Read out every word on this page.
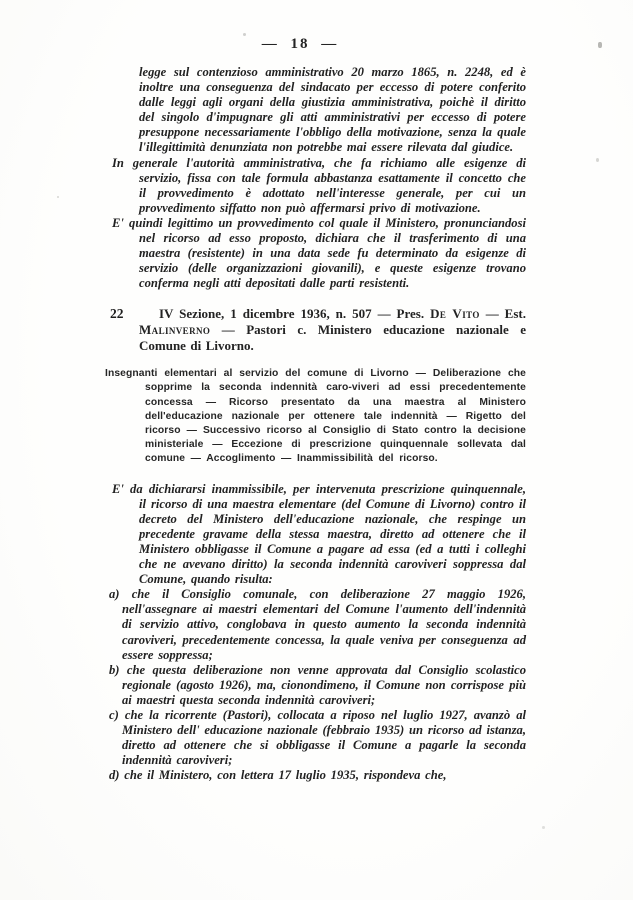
— 18 —

legge sul contenzioso amministrativo 20 marzo 1865, n. 2248, ed è inoltre una conseguenza del sindacato per eccesso di potere conferito dalle leggi agli organi della giustizia amministrativa, poichè il diritto del singolo d'impugnare gli atti amministrativi per eccesso di potere presuppone necessariamente l'obbligo della motivazione, senza la quale l'illegittimità denunziata non potrebbe mai essere rilevata dal giudice.

In generale l'autorità amministrativa, che fa richiamo alle esigenze di servizio, fissa con tale formula abbastanza esattamente il concetto che il provvedimento è adottato nell'interesse generale, per cui un provvedimento siffatto non può affermarsi privo di motivazione.

E' quindi legittimo un provvedimento col quale il Ministero, pronunciandosi nel ricorso ad esso proposto, dichiara che il trasferimento di una maestra (resistente) in una data sede fu determinato da esigenze di servizio (delle organizzazioni giovanili), e queste esigenze trovano conferma negli atti depositati dalle parti resistenti.

22	IV Sezione, 1 dicembre 1936, n. 507 — Pres. De Vito — Est. Malinverno — Pastori c. Ministero educazione nazionale e Comune di Livorno.

Insegnanti elementari al servizio del comune di Livorno — Deliberazione che sopprime la seconda indennità caro-viveri ad essi precedentemente concessa — Ricorso presentato da una maestra al Ministero dell'educazione nazionale per ottenere tale indennità — Rigetto del ricorso — Successivo ricorso al Consiglio di Stato contro la decisione ministeriale — Eccezione di prescrizione quinquennale sollevata dal comune — Accoglimento — Inammissibilità del ricorso.

E' da dichiararsi inammissibile, per intervenuta prescrizione quinquennale, il ricorso di una maestra elementare (del Comune di Livorno) contro il decreto del Ministero dell'educazione nazionale, che respinge un precedente gravame della stessa maestra, diretto ad ottenere che il Ministero obbligasse il Comune a pagare ad essa (ed a tutti i colleghi che ne avevano diritto) la seconda indennità caroviveri soppressa dal Comune, quando risulta:

a) che il Consiglio comunale, con deliberazione 27 maggio 1926, nell'assegnare ai maestri elementari del Comune l'aumento dell'indennità di servizio attivo, conglobava in questo aumento la seconda indennità caroviveri, precedentemente concessa, la quale veniva per conseguenza ad essere soppressa;

b) che questa deliberazione non venne approvata dal Consiglio scolastico regionale (agosto 1926), ma, cionondimeno, il Comune non corrispose più ai maestri questa seconda indennità caroviveri;

c) che la ricorrente (Pastori), collocata a riposo nel luglio 1927, avanzò al Ministero dell' educazione nazionale (febbraio 1935) un ricorso ad istanza, diretto ad ottenere che si obbligasse il Comune a pagarle la seconda indennità caroviveri;

d) che il Ministero, con lettera 17 luglio 1935, rispondeva che,
